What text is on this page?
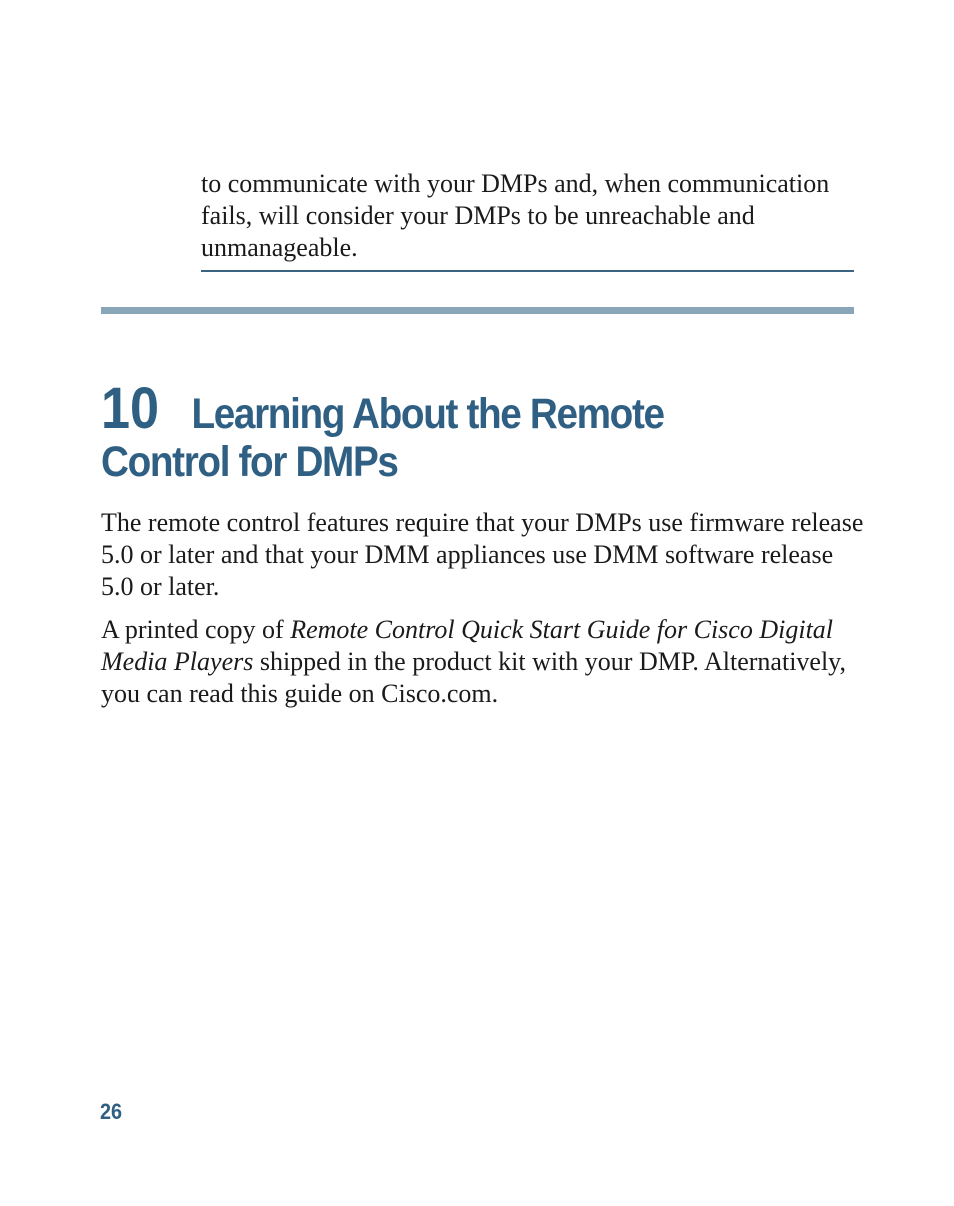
to communicate with your DMPs and, when communication fails, will consider your DMPs to be unreachable and unmanageable.

10 Learning About the Remote
Control for DMPs

The remote control features require that your DMPs use firmware release 5.0 or later and that your DMM appliances use DMM software release 5.0 or later.

A printed copy of Remote Control Quick Start Guide for Cisco Digital Media Players shipped in the product kit with your DMP. Alternatively, you can read this guide on Cisco.com.

26
